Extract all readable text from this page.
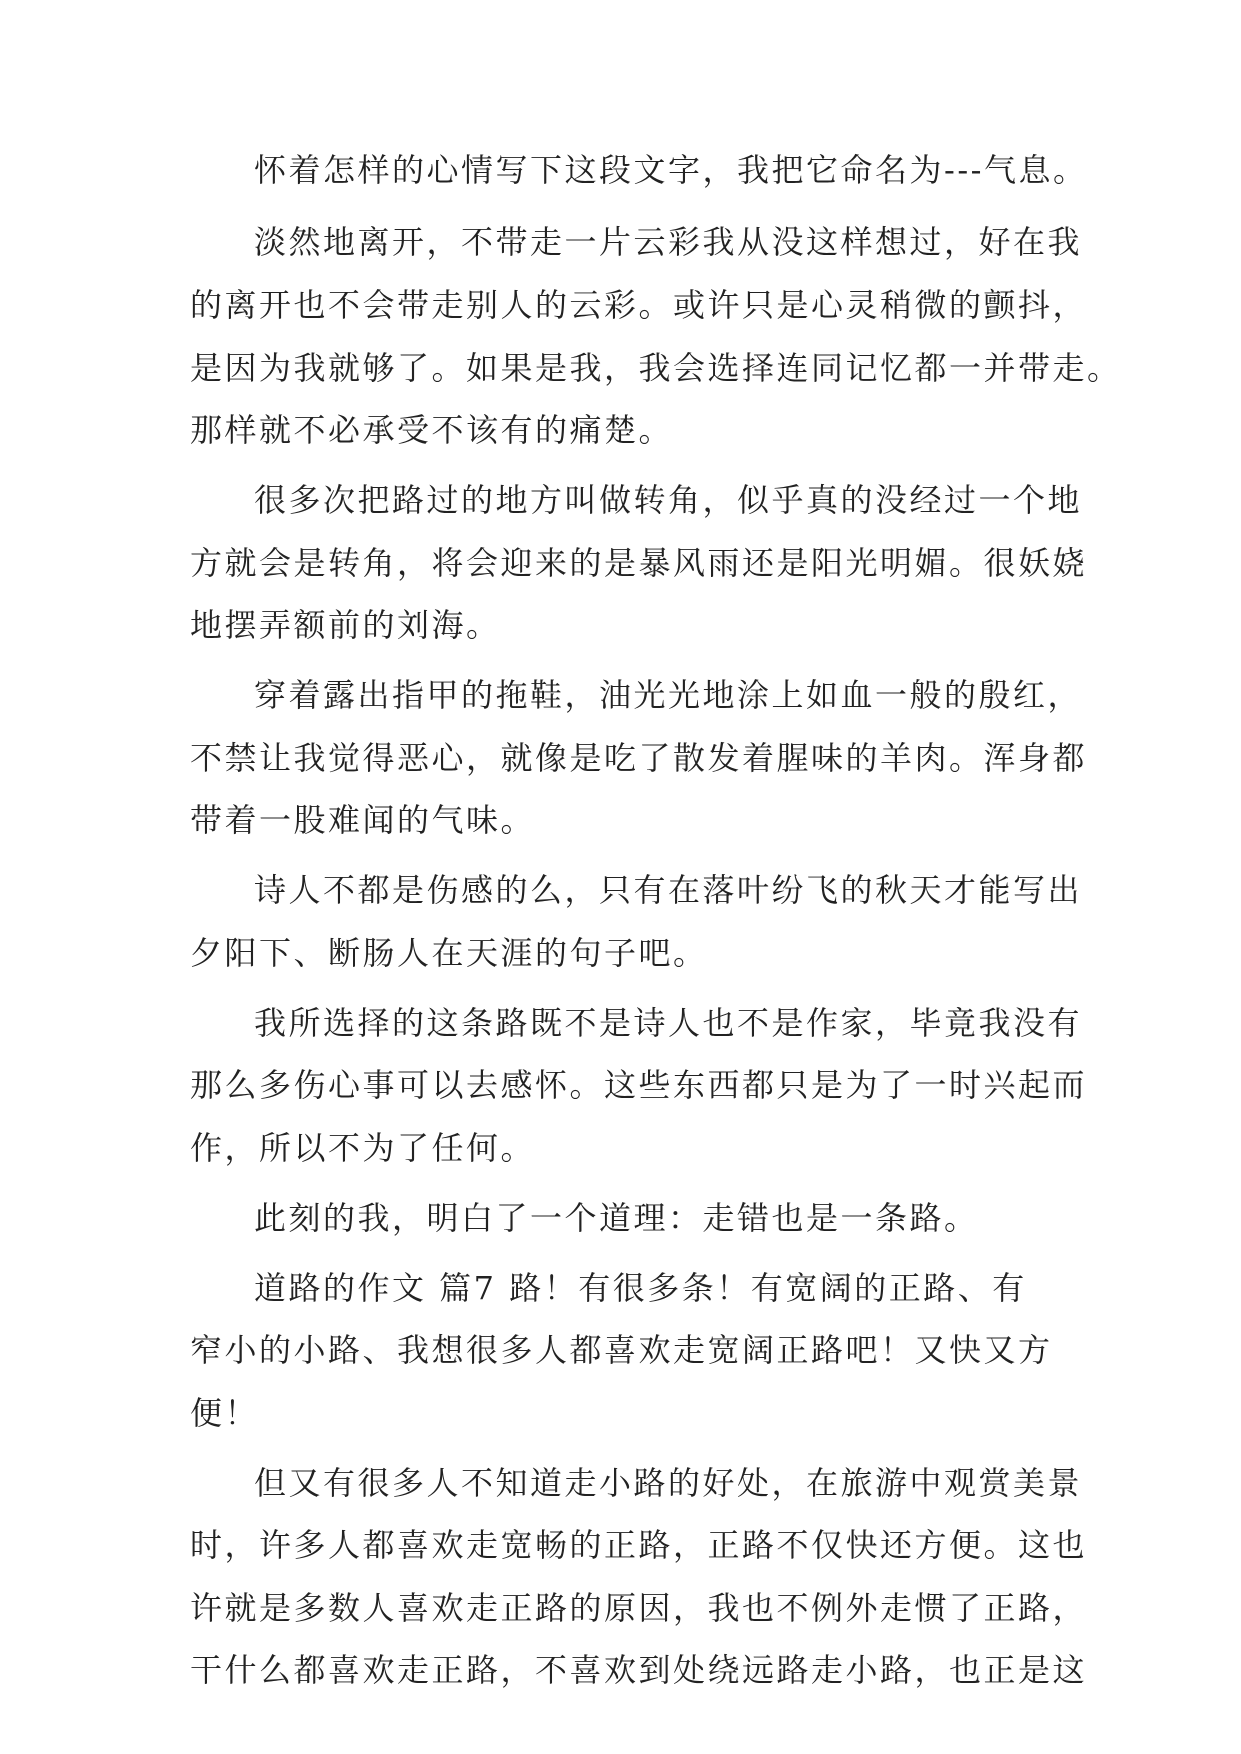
怀着怎样的心情写下这段文字，我把它命名为---气息。
淡然地离开，不带走一片云彩我从没这样想过，好在我
的离开也不会带走别人的云彩。或许只是心灵稍微的颤抖，
是因为我就够了。如果是我，我会选择连同记忆都一并带走。
那样就不必承受不该有的痛楚。
很多次把路过的地方叫做转角，似乎真的没经过一个地
方就会是转角，将会迎来的是暴风雨还是阳光明媚。很妖娆
地摆弄额前的刘海。
穿着露出指甲的拖鞋，油光光地涂上如血一般的殷红，
不禁让我觉得恶心，就像是吃了散发着腥味的羊肉。浑身都
带着一股难闻的气味。
诗人不都是伤感的么，只有在落叶纷飞的秋天才能写出
夕阳下、断肠人在天涯的句子吧。
我所选择的这条路既不是诗人也不是作家，毕竟我没有
那么多伤心事可以去感怀。这些东西都只是为了一时兴起而
作，所以不为了任何。
此刻的我，明白了一个道理：走错也是一条路。
道路的作文 篇7 路！有很多条！有宽阔的正路、有
窄小的小路、我想很多人都喜欢走宽阔正路吧！又快又方
便！
但又有很多人不知道走小路的好处，在旅游中观赏美景
时，许多人都喜欢走宽畅的正路，正路不仅快还方便。这也
许就是多数人喜欢走正路的原因，我也不例外走惯了正路，
干什么都喜欢走正路，不喜欢到处绕远路走小路，也正是这
